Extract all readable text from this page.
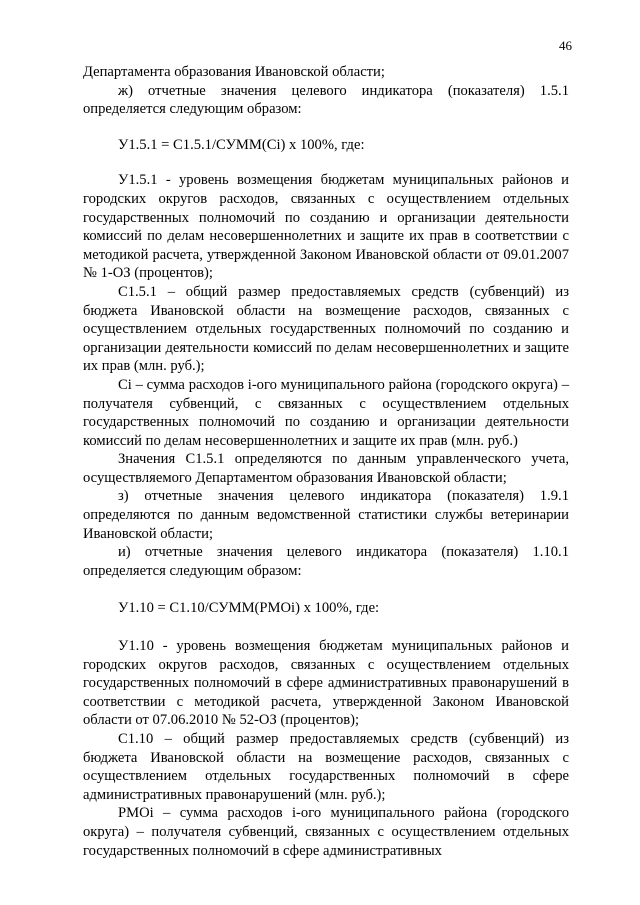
46

Департамента образования Ивановской области;

ж) отчетные значения целевого индикатора (показателя) 1.5.1 определяется следующим образом:

У1.5.1 = С1.5.1/СУММ(Сi) х 100%, где:

У1.5.1 - уровень возмещения бюджетам муниципальных районов и городских округов расходов, связанных с осуществлением отдельных государственных полномочий по созданию и организации деятельности комиссий по делам несовершеннолетних и защите их прав в соответствии с методикой расчета, утвержденной Законом Ивановской области от 09.01.2007 № 1-ОЗ (процентов);

С1.5.1 – общий размер предоставляемых средств (субвенций) из бюджета Ивановской области на возмещение расходов, связанных с осуществлением отдельных государственных полномочий по созданию и организации деятельности комиссий по делам несовершеннолетних и защите их прав (млн. руб.);

Сi – сумма расходов i-ого муниципального района (городского округа) – получателя субвенций, с связанных с осуществлением отдельных государственных полномочий по созданию и организации деятельности комиссий по делам несовершеннолетних и защите их прав (млн. руб.)

Значения С1.5.1 определяются по данным управленческого учета, осуществляемого Департаментом образования Ивановской области;

з) отчетные значения целевого индикатора (показателя) 1.9.1 определяются по данным ведомственной статистики службы ветеринарии Ивановской области;

и) отчетные значения целевого индикатора (показателя) 1.10.1 определяется следующим образом:

У1.10 = С1.10/СУММ(РМОi) х 100%, где:

У1.10 - уровень возмещения бюджетам муниципальных районов и городских округов расходов, связанных с осуществлением отдельных государственных полномочий в сфере административных правонарушений в соответствии с методикой расчета, утвержденной Законом Ивановской области от 07.06.2010 № 52-ОЗ (процентов);

С1.10 – общий размер предоставляемых средств (субвенций) из бюджета Ивановской области на возмещение расходов, связанных с осуществлением отдельных государственных полномочий в сфере административных правонарушений (млн. руб.);

РМОi – сумма расходов i-ого муниципального района (городского округа) – получателя субвенций, связанных с осуществлением отдельных государственных полномочий в сфере административных
